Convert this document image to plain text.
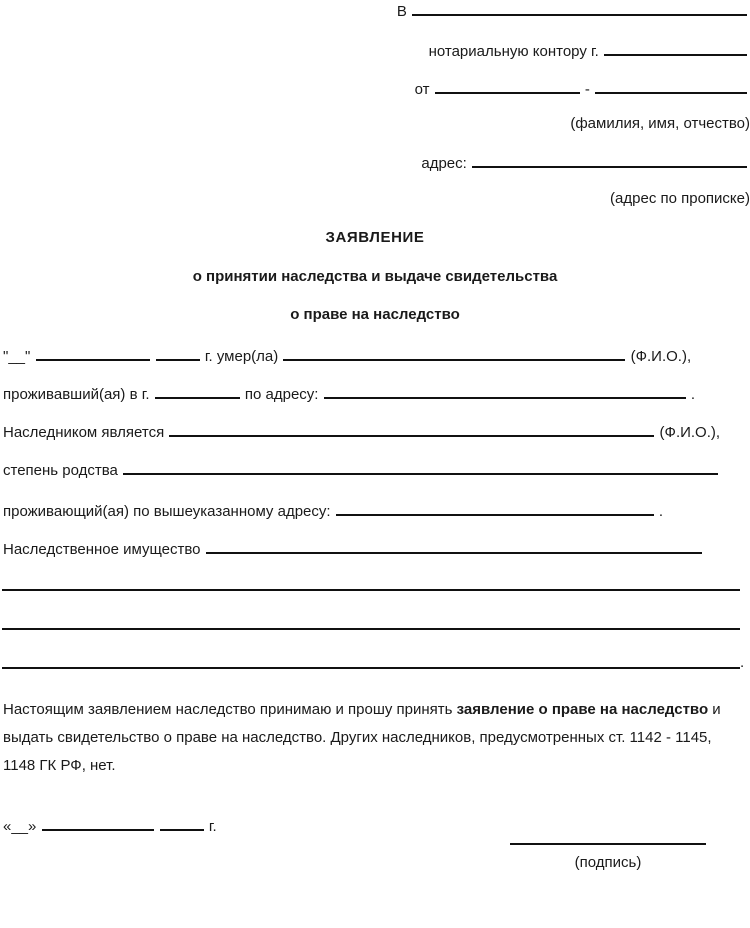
В
нотариальную контору г.
от	-
(фамилия, имя, отчество)
адрес:
(адрес по прописке)
ЗАЯВЛЕНИЕ
о принятии наследства и выдаче свидетельства
о праве на наследство
"__"	г. умер(ла)	(Ф.И.О.),
проживавший(ая) в г.	по адресу:	.
Наследником является	(Ф.И.О.),
степень родства
проживающий(ая) по вышеуказанному адресу:	.
Наследственное имущество
.
Настоящим заявлением наследство принимаю и прошу принять заявление о праве на наследство и выдать свидетельство о праве на наследство. Других наследников, предусмотренных ст. 1142 - 1145, 1148 ГК РФ, нет.
«__»	г.
(подпись)
